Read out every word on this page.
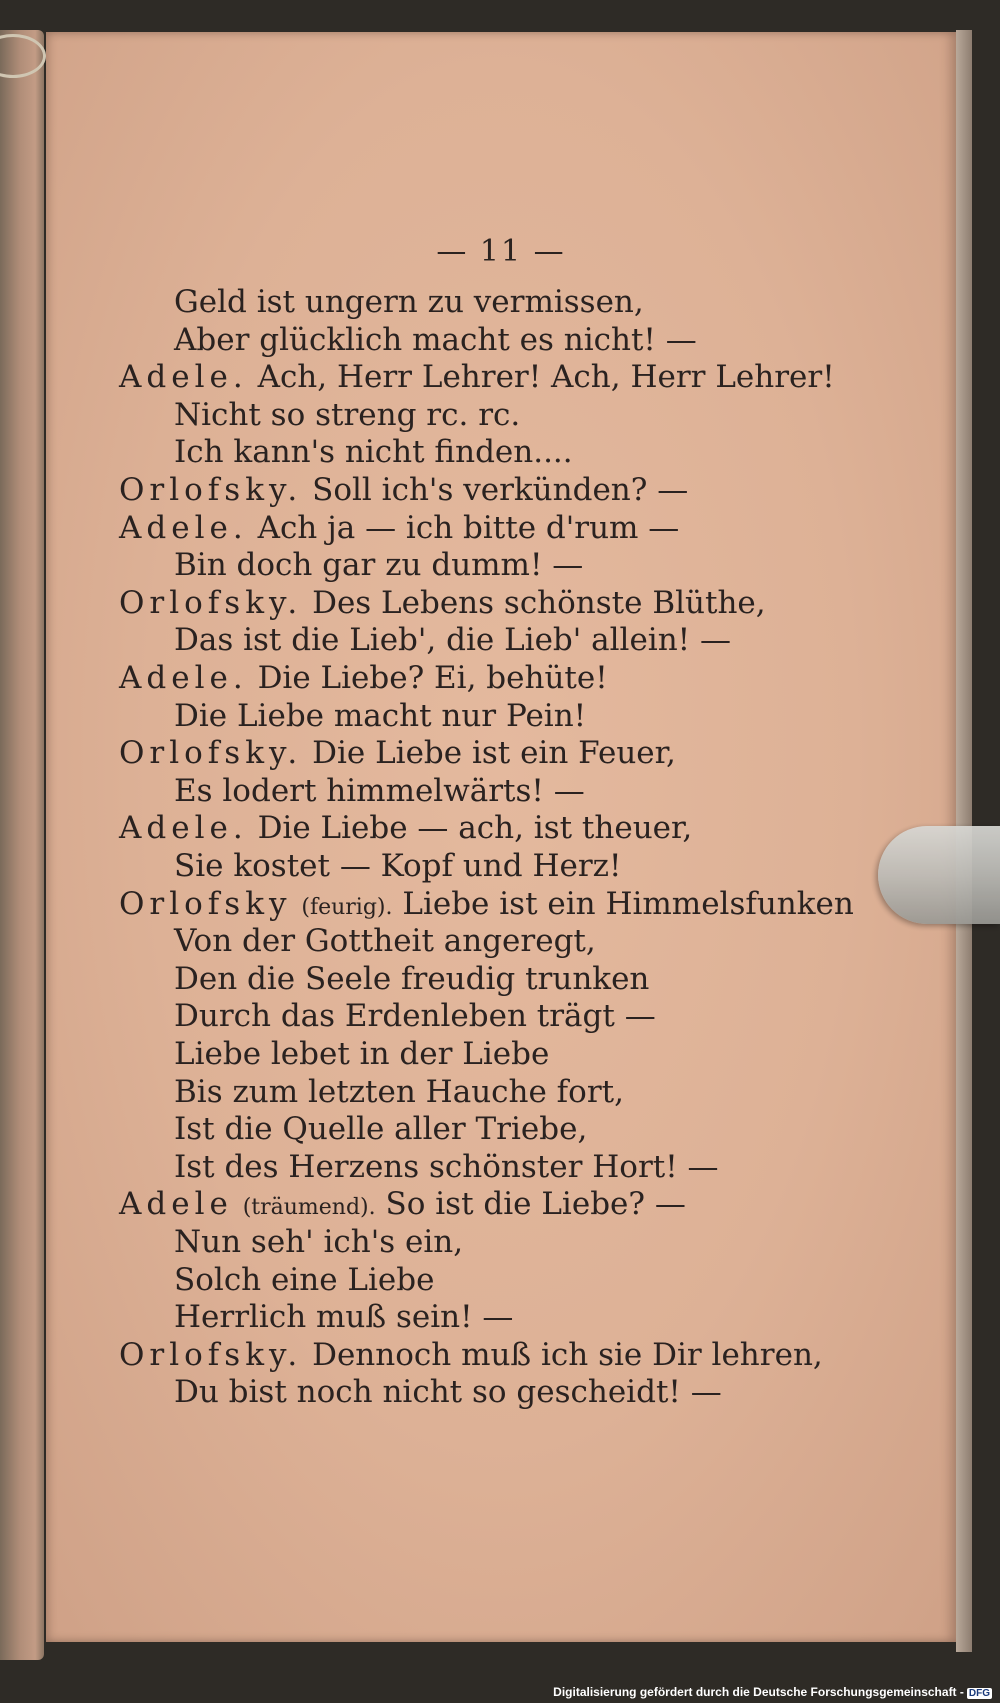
— 11 —
Geld ist ungern zu vermissen,
Aber glücklich macht es nicht! —
Adele. Ach, Herr Lehrer! Ach, Herr Lehrer!
Nicht so streng rc. rc.
Ich kann's nicht finden....
Orlofsky. Soll ich's verkünden? —
Adele. Ach ja — ich bitte d'rum —
Bin doch gar zu dumm! —
Orlofsky. Des Lebens schönste Blüthe,
Das ist die Lieb', die Lieb' allein! —
Adele. Die Liebe? Ei, behüte!
Die Liebe macht nur Pein!
Orlofsky. Die Liebe ist ein Feuer,
Es lodert himmelwärts! —
Adele. Die Liebe — ach, ist theuer,
Sie kostet — Kopf und Herz!
Orlofsky (feurig). Liebe ist ein Himmelsfunken
Von der Gottheit angeregt,
Den die Seele freudig trunken
Durch das Erdenleben trägt —
Liebe lebet in der Liebe
Bis zum letzten Hauche fort,
Ist die Quelle aller Triebe,
Ist des Herzens schönster Hort! —
Adele (träumend). So ist die Liebe? —
Nun seh' ich's ein,
Solch eine Liebe
Herrlich muß sein! —
Orlofsky. Dennoch muß ich sie Dir lehren,
Du bist noch nicht so gescheidt! —
Digitalisierung gefördert durch die Deutsche Forschungsgemeinschaft - DFG
